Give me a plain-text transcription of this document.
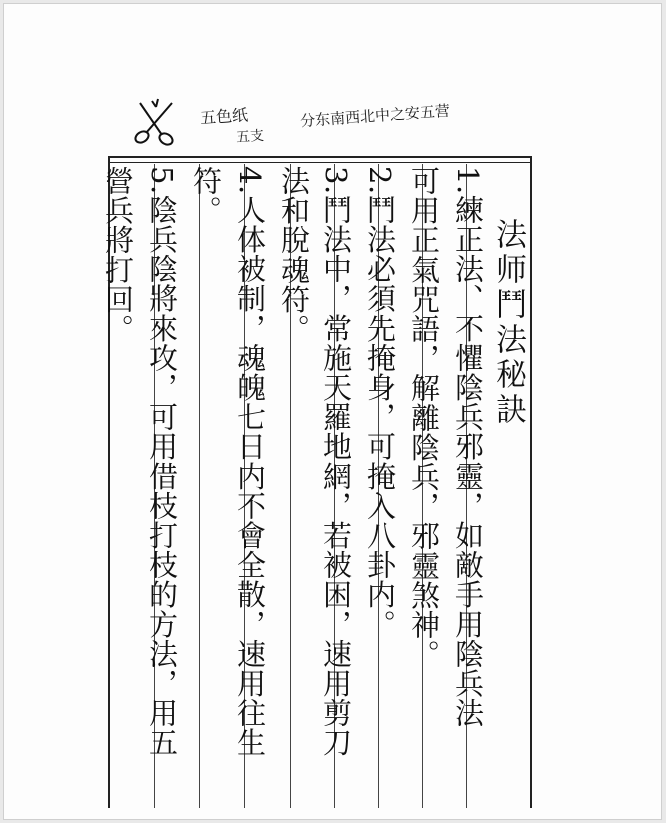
五色纸
五支
分东南西北中之安五营
法师鬥法秘訣
1.練正法、不懼陰兵邪靈，如敵手用陰兵法
可用正氣咒語，解離陰兵，邪靈煞神。
2.鬥法必須先掩身，可掩入八卦内。
3.鬥法中，常施天羅地網，若被困，速用剪刀
法和脫魂符。
4.人体被制，魂魄七日内不會全散，速用往生
符。
5.陰兵陰將來攻，可用借枝打枝的方法，用五
營兵將打回。
